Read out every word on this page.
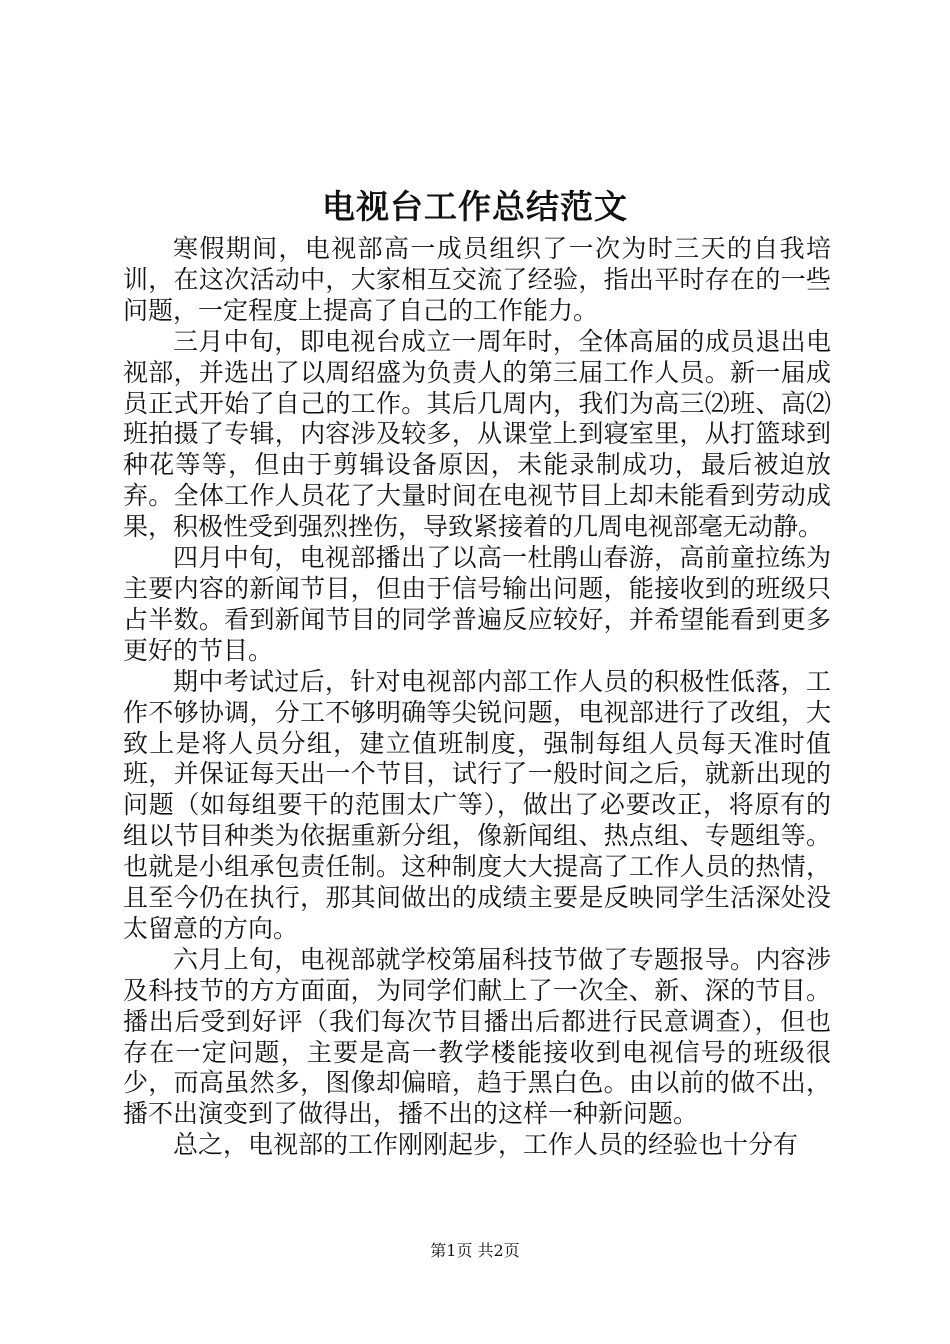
电视台工作总结范文

寒假期间，电视部高一成员组织了一次为时三天的自我培训，在这次活动中，大家相互交流了经验，指出平时存在的一些问题，一定程度上提高了自己的工作能力。

三月中旬，即电视台成立一周年时，全体高届的成员退出电视部，并选出了以周绍盛为负责人的第三届工作人员。新一届成员正式开始了自己的工作。其后几周内，我们为高三⑵班、高⑵班拍摄了专辑，内容涉及较多，从课堂上到寝室里，从打篮球到种花等等，但由于剪辑设备原因，未能录制成功，最后被迫放弃。全体工作人员花了大量时间在电视节目上却未能看到劳动成果，积极性受到强烈挫伤，导致紧接着的几周电视部毫无动静。

四月中旬，电视部播出了以高一杜鹃山春游，高前童拉练为主要内容的新闻节目，但由于信号输出问题，能接收到的班级只占半数。看到新闻节目的同学普遍反应较好，并希望能看到更多更好的节目。

期中考试过后，针对电视部内部工作人员的积极性低落，工作不够协调，分工不够明确等尖锐问题，电视部进行了改组，大致上是将人员分组，建立值班制度，强制每组人员每天准时值班，并保证每天出一个节目，试行了一般时间之后，就新出现的问题（如每组要干的范围太广等），做出了必要改正，将原有的组以节目种类为依据重新分组，像新闻组、热点组、专题组等。也就是小组承包责任制。这种制度大大提高了工作人员的热情，且至今仍在执行，那其间做出的成绩主要是反映同学生活深处没太留意的方向。

六月上旬，电视部就学校第届科技节做了专题报导。内容涉及科技节的方方面面，为同学们献上了一次全、新、深的节目。播出后受到好评（我们每次节目播出后都进行民意调查），但也存在一定问题，主要是高一教学楼能接收到电视信号的班级很少，而高虽然多，图像却偏暗，趋于黑白色。由以前的做不出，播不出演变到了做得出，播不出的这样一种新问题。

总之，电视部的工作刚刚起步，工作人员的经验也十分有

第1页 共2页
